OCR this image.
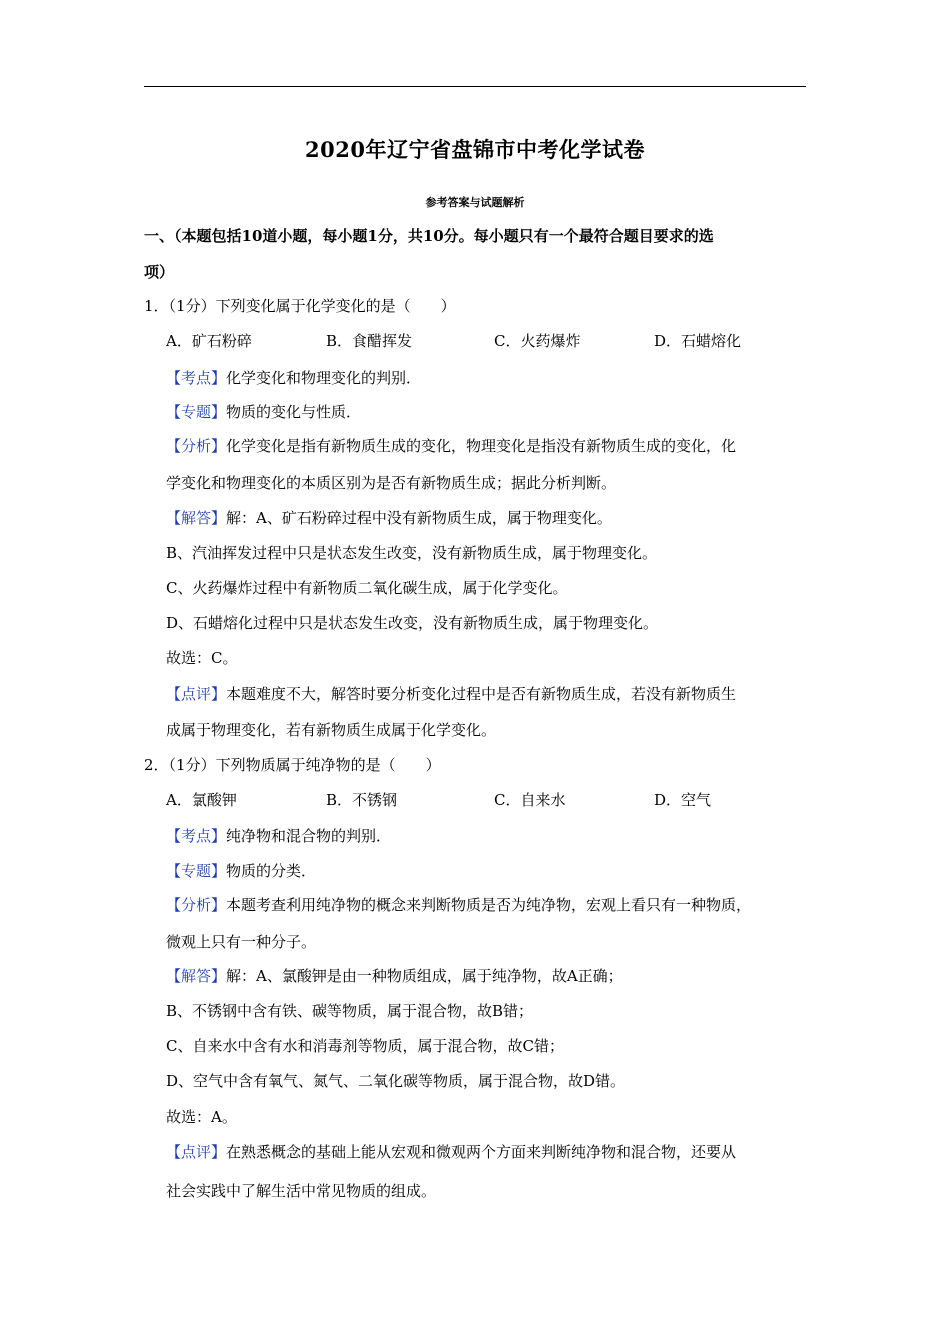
2020年辽宁省盘锦市中考化学试卷
参考答案与试题解析
一、（本题包括10道小题，每小题1分，共10分。每小题只有一个最符合题目要求的选
项）
1．（1分）下列变化属于化学变化的是（　　）
A．矿石粉碎	B．食醋挥发	C．火药爆炸	D．石蜡熔化
【考点】化学变化和物理变化的判别．
【专题】物质的变化与性质．
【分析】化学变化是指有新物质生成的变化，物理变化是指没有新物质生成的变化，化
学变化和物理变化的本质区别为是否有新物质生成；据此分析判断。
【解答】解：A、矿石粉碎过程中没有新物质生成，属于物理变化。
B、汽油挥发过程中只是状态发生改变，没有新物质生成，属于物理变化。
C、火药爆炸过程中有新物质二氧化碳生成，属于化学变化。
D、石蜡熔化过程中只是状态发生改变，没有新物质生成，属于物理变化。
故选：C。
【点评】本题难度不大，解答时要分析变化过程中是否有新物质生成，若没有新物质生
成属于物理变化，若有新物质生成属于化学变化。
2．（1分）下列物质属于纯净物的是（　　）
A．氯酸钾	B．不锈钢	C．自来水	D．空气
【考点】纯净物和混合物的判别．
【专题】物质的分类．
【分析】本题考查利用纯净物的概念来判断物质是否为纯净物，宏观上看只有一种物质，
微观上只有一种分子。
【解答】解：A、氯酸钾是由一种物质组成，属于纯净物，故A正确；
B、不锈钢中含有铁、碳等物质，属于混合物，故B错；
C、自来水中含有水和消毒剂等物质，属于混合物，故C错；
D、空气中含有氧气、氮气、二氧化碳等物质，属于混合物，故D错。
故选：A。
【点评】在熟悉概念的基础上能从宏观和微观两个方面来判断纯净物和混合物，还要从
社会实践中了解生活中常见物质的组成。
